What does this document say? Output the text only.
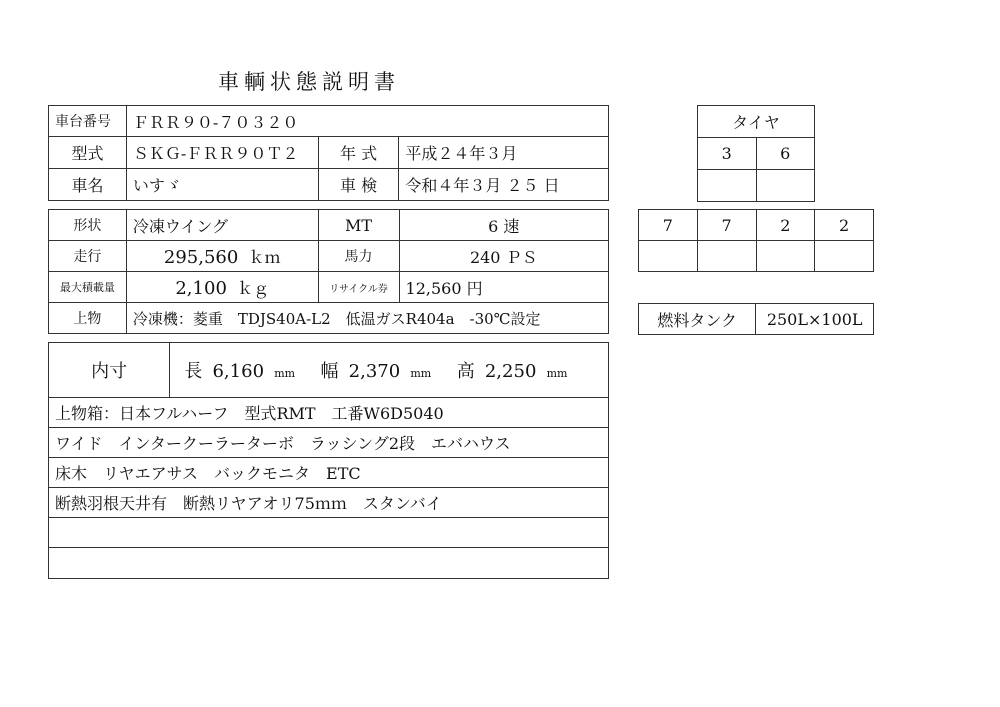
車輌状態説明書
車台番号	ＦＲＲ９０-７０３２０		
型式	ＳＫＧ-ＦＲＲ９０Ｔ２	年 式	平成２４年３月
車名	いすゞ	車 検	令和４年３月 ２５ 日
形状	冷凍ウイング	MT	6 速
走行	295,560 ｋｍ	馬力	240 ＰＳ
最大積載量	2,100 ｋｇ	リサイクル券	12,560 円
上物	冷凍機：菱重　TDJS40A-L2　低温ガスR404a　-30℃設定		
内寸	長 6,160 mm 幅 2,370 mm 高 2,250 mm
上物箱：日本フルハーフ　型式RMT　工番W6D5040
ワイド　インタークーラーターボ　ラッシング2段　エバハウス
床木　リヤエアサス　バックモニタ　ETC
断熱羽根天井有　断熱リヤアオリ75ｍｍ　スタンバイ

タイヤ	
3	6

7	7	2	2

燃料タンク	250L×100L
